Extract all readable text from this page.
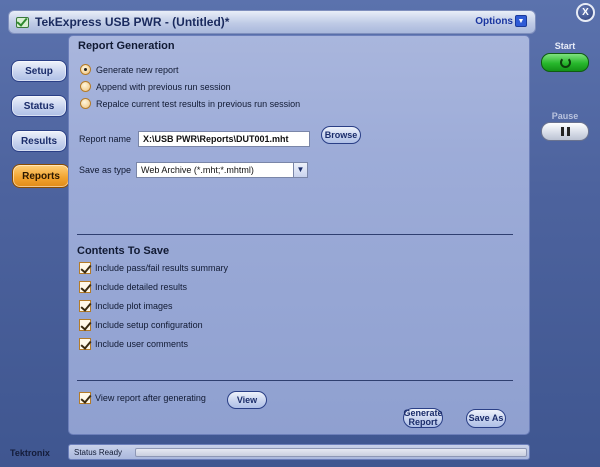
TekExpress USB PWR - (Untitled)*	Options ▼
X
Setup
Status
Results
Reports
Report Generation
Generate new report
Append with previous run session
Repalce current test results in previous run session
Report name	X:\USB PWR\Reports\DUT001.mht	Browse
Save as type	Web Archive (*.mht;*.mhtml)	▼
Contents To Save
Include pass/fail results summary
Include detailed results
Include plot images
Include setup configuration
Include user comments
View report after generating	View
Generate Report	Save As
Start
Pause
Tektronix	Status Ready
